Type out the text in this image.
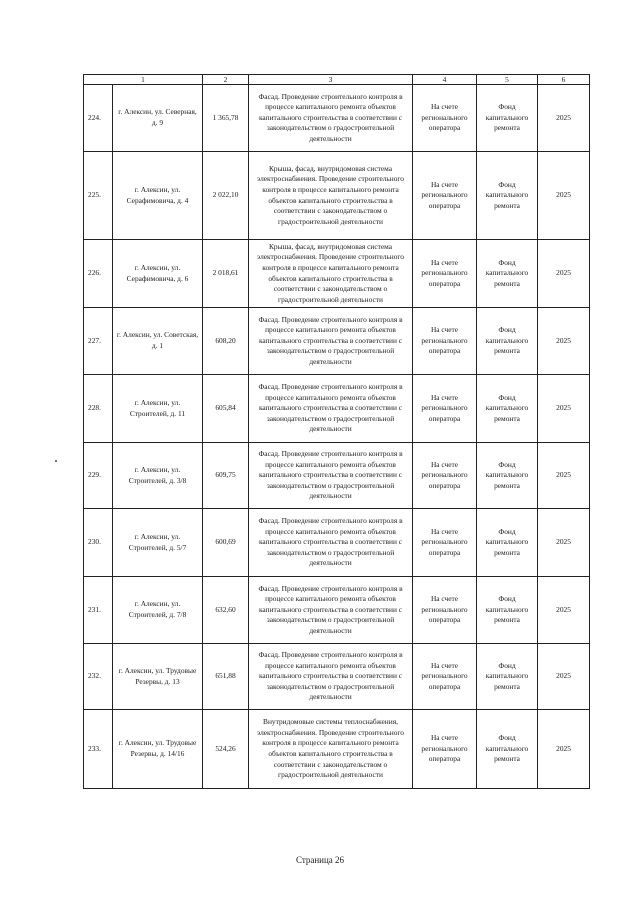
1		2	3	4	5	6
224.	г. Алексин, ул. Северная, д. 9	1 365,78	Фасад. Проведение строительного контроля в процессе капитального ремонта объектов капитального строительства в соответствии с законодательством о градостроительной деятельности	На счете регионального оператора	Фонд капитального ремонта	2025
225.	г. Алексин, ул. Серафимовича, д. 4	2 022,10	Крыша, фасад, внутридомовая система электроснабжения. Проведение строительного контроля в процессе капитального ремонта объектов капитального строительства в соответствии с законодательством о градостроительной деятельности	На счете регионального оператора	Фонд капитального ремонта	2025
226.	г. Алексин, ул. Серафимовича, д. 6	2 018,61	Крыша, фасад, внутридомовая система электроснабжения. Проведение строительного контроля в процессе капитального ремонта объектов капитального строительства в соответствии с законодательством о градостроительной деятельности	На счете регионального оператора	Фонд капитального ремонта	2025
227.	г. Алексин, ул. Советская, д. 1	608,20	Фасад. Проведение строительного контроля в процессе капитального ремонта объектов капитального строительства в соответствии с законодательством о градостроительной деятельности	На счете регионального оператора	Фонд капитального ремонта	2025
228.	г. Алексин, ул. Строителей, д. 11	605,84	Фасад. Проведение строительного контроля в процессе капитального ремонта объектов капитального строительства в соответствии с законодательством о градостроительной деятельности	На счете регионального оператора	Фонд капитального ремонта	2025
229.	г. Алексин, ул. Строителей, д. 3/8	609,75	Фасад. Проведение строительного контроля в процессе капитального ремонта объектов капитального строительства в соответствии с законодательством о градостроительной деятельности	На счете регионального оператора	Фонд капитального ремонта	2025
230.	г. Алексин, ул. Строителей, д. 5/7	600,69	Фасад. Проведение строительного контроля в процессе капитального ремонта объектов капитального строительства в соответствии с законодательством о градостроительной деятельности	На счете регионального оператора	Фонд капитального ремонта	2025
231.	г. Алексин, ул. Строителей, д. 7/8	632,60	Фасад. Проведение строительного контроля в процессе капитального ремонта объектов капитального строительства в соответствии с законодательством о градостроительной деятельности	На счете регионального оператора	Фонд капитального ремонта	2025
232.	г. Алексин, ул. Трудовые Резервы, д. 13	651,88	Фасад. Проведение строительного контроля в процессе капитального ремонта объектов капитального строительства в соответствии с законодательством о градостроительной деятельности	На счете регионального оператора	Фонд капитального ремонта	2025
233.	г. Алексин, ул. Трудовые Резервы, д. 14/16	524,26	Внутридомовые системы теплоснабжения, электроснабжения. Проведение строительного контроля в процессе капитального ремонта объектов капитального строительства в соответствии с законодательством о градостроительной деятельности	На счете регионального оператора	Фонд капитального ремонта	2025
Страница 26
